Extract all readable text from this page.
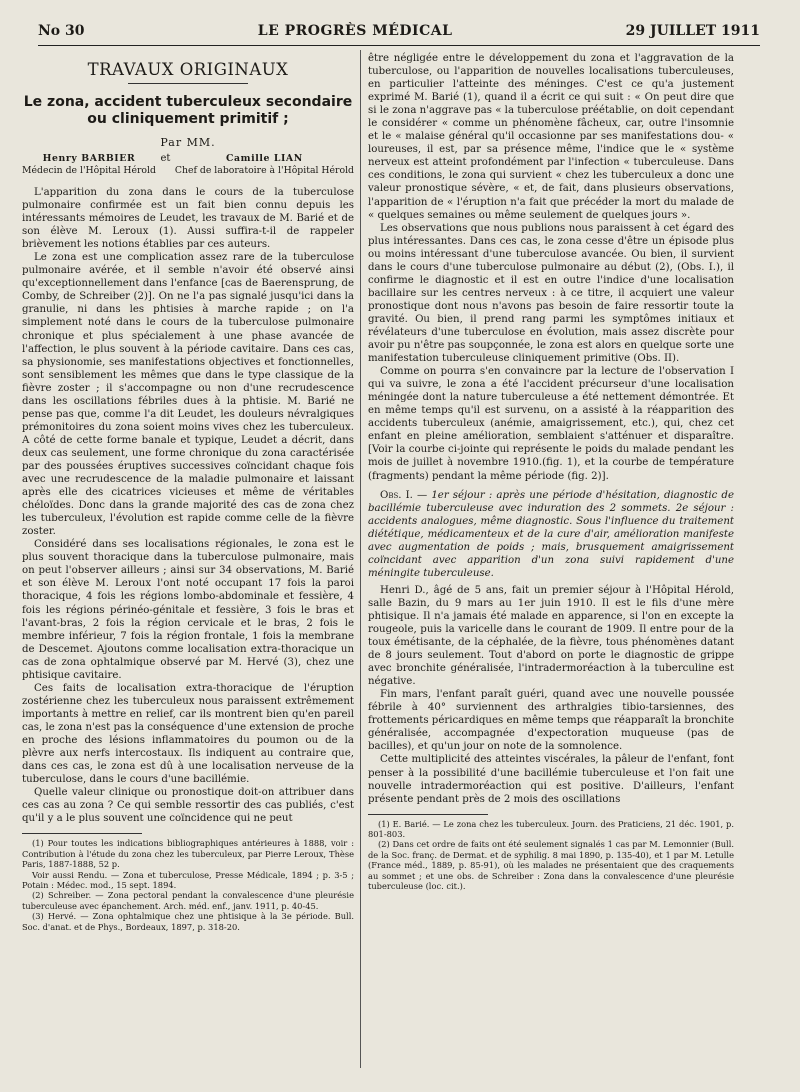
No 30	LE PROGRÈS MÉDICAL	29 JUILLET 1911
TRAVAUX ORIGINAUX
Le zona, accident tuberculeux secondaire
ou cliniquement primitif ;
Par MM.
Henry BARBIER
Médecin de l'Hôpital Hérold
et	Camille LIAN
Chef de laboratoire à l'Hôpital Hérold

L'apparition du zona dans le cours de la tuberculose pulmonaire confirmée est un fait bien connu depuis les intéressants mémoires de Leudet, les travaux de M. Barié et de son élève M. Leroux (1). Aussi suffira-t-il de rappeler brièvement les notions établies par ces auteurs.

Le zona est une complication assez rare de la tuberculose pulmonaire avérée, et il semble n'avoir été observé ainsi qu'exceptionnellement dans l'enfance [cas de Baerensprung, de Comby, de Schreiber (2)]. On ne l'a pas signalé jusqu'ici dans la granulie, ni dans les phtisies à marche rapide ; on l'a simplement noté dans le cours de la tuberculose pulmonaire chronique et plus spécialement à une phase avancée de l'affection, le plus souvent à la période cavitaire. Dans ces cas, sa physionomie, ses manifestations objectives et fonctionnelles, sont sensiblement les mêmes que dans le type classique de la fièvre zoster ; il s'accompagne ou non d'une recrudescence dans les oscillations fébriles dues à la phtisie. M. Barié ne pense pas que, comme l'a dit Leudet, les douleurs névralgiques prémonitoires du zona soient moins vives chez les tuberculeux. A côté de cette forme banale et typique, Leudet a décrit, dans deux cas seulement, une forme chronique du zona caractérisée par des poussées éruptives successives coïncidant chaque fois avec une recrudescence de la maladie pulmonaire et laissant après elle des cicatrices vicieuses et même de véritables chéloïdes. Donc dans la grande majorité des cas de zona chez les tuberculeux, l'évolution est rapide comme celle de la fièvre zoster.

Considéré dans ses localisations régionales, le zona est le plus souvent thoracique dans la tuberculose pulmonaire, mais on peut l'observer ailleurs ; ainsi sur 34 observations, M. Barié et son élève M. Leroux l'ont noté occupant 17 fois la paroi thoracique, 4 fois les régions lombo-abdominale et fessière, 4 fois les régions périnéo-génitale et fessière, 3 fois le bras et l'avant-bras, 2 fois la région cervicale et le bras, 2 fois le membre inférieur, 7 fois la région frontale, 1 fois la membrane de Descemet. Ajoutons comme localisation extra-thoracique un cas de zona ophtalmique observé par M. Hervé (3), chez une phtisique cavitaire.

Ces faits de localisation extra-thoracique de l'éruption zostérienne chez les tuberculeux nous paraissent extrêmement importants à mettre en relief, car ils montrent bien qu'en pareil cas, le zona n'est pas la conséquence d'une extension de proche en proche des lésions inflammatoires du poumon ou de la plèvre aux nerfs intercostaux. Ils indiquent au contraire que, dans ces cas, le zona est dû à une localisation nerveuse de la tuberculose, dans le cours d'une bacillémie.

Quelle valeur clinique ou pronostique doit-on attribuer dans ces cas au zona ? Ce qui semble ressortir des cas publiés, c'est qu'il y a le plus souvent une coïncidence qui ne peut

(1) Pour toutes les indications bibliographiques antérieures à 1888, voir : Contribution à l'étude du zona chez les tuberculeux, par Pierre Leroux, Thèse Paris, 1887-1888, 52 p.

Voir aussi Rendu. — Zona et tuberculose, Presse Médicale, 1894 ; p. 3-5 ; Potain : Médec. mod., 15 sept. 1894.

(2) Schreiber. — Zona pectoral pendant la convalescence d'une pleurésie tuberculeuse avec épanchement. Arch. méd. enf., janv. 1911, p. 40-45.

(3) Hervé. — Zona ophtalmique chez une phtisique à la 3e période. Bull. Soc. d'anat. et de Phys., Bordeaux, 1897, p. 318-20.

être négligée entre le développement du zona et l'aggravation de la tuberculose, ou l'apparition de nouvelles localisations tuberculeuses, en particulier l'atteinte des méninges. C'est ce qu'a justement exprimé M. Barié (1), quand il a écrit ce qui suit : « On peut dire que si le zona n'aggrave pas « la tuberculose préétablie, on doit cependant le considérer « comme un phénomène fâcheux, car, outre l'insomnie et le « malaise général qu'il occasionne par ses manifestations dou- « loureuses, il est, par sa présence même, l'indice que le « système nerveux est atteint profondément par l'infection « tuberculeuse. Dans ces conditions, le zona qui survient « chez les tuberculeux a donc une valeur pronostique sévère, « et, de fait, dans plusieurs observations, l'apparition de « l'éruption n'a fait que précéder la mort du malade de « quelques semaines ou même seulement de quelques jours ».

Les observations que nous publions nous paraissent à cet égard des plus intéressantes. Dans ces cas, le zona cesse d'être un épisode plus ou moins intéressant d'une tuberculose avancée. Ou bien, il survient dans le cours d'une tuberculose pulmonaire au début (2), (Obs. I.), il confirme le diagnostic et il est en outre l'indice d'une localisation bacillaire sur les centres nerveux : à ce titre, il acquiert une valeur pronostique dont nous n'avons pas besoin de faire ressortir toute la gravité. Ou bien, il prend rang parmi les symptômes initiaux et révélateurs d'une tuberculose en évolution, mais assez discrète pour avoir pu n'être pas soupçonnée, le zona est alors en quelque sorte une manifestation tuberculeuse cliniquement primitive (Obs. II).

Comme on pourra s'en convaincre par la lecture de l'observation I qui va suivre, le zona a été l'accident précurseur d'une localisation méningée dont la nature tuberculeuse a été nettement démontrée. Et en même temps qu'il est survenu, on a assisté à la réapparition des accidents tuberculeux (anémie, amaigrissement, etc.), qui, chez cet enfant en pleine amélioration, semblaient s'atténuer et disparaître. [Voir la courbe ci-jointe qui représente le poids du malade pendant les mois de juillet à novembre 1910.(fig. 1), et la courbe de température (fragments) pendant la même période (fig. 2)].

Obs. I. — 1er séjour : après une période d'hésitation, diagnostic de bacillémie tuberculeuse avec induration des 2 sommets. 2e séjour : accidents analogues, même diagnostic. Sous l'influence du traitement diététique, médicamenteux et de la cure d'air, amélioration manifeste avec augmentation de poids ; mais, brusquement amaigrissement coïncidant avec apparition d'un zona suivi rapidement d'une méningite tuberculeuse.

Henri D., âgé de 5 ans, fait un premier séjour à l'Hôpital Hérold, salle Bazin, du 9 mars au 1er juin 1910. Il est le fils d'une mère phtisique. Il n'a jamais été malade en apparence, si l'on en excepte la rougeole, puis la varicelle dans le courant de 1909. Il entre pour de la toux émétisante, de la céphalée, de la fièvre, tous phénomènes datant de 8 jours seulement. Tout d'abord on porte le diagnostic de grippe avec bronchite généralisée, l'intradermoréaction à la tuberculine est négative.

Fin mars, l'enfant paraît guéri, quand avec une nouvelle poussée fébrile à 40° surviennent des arthralgies tibio-tarsiennes, des frottements péricardiques en même temps que réapparaît la bronchite généralisée, accompagnée d'expectoration muqueuse (pas de bacilles), et qu'un jour on note de la somnolence.

Cette multiplicité des atteintes viscérales, la pâleur de l'enfant, font penser à la possibilité d'une bacillémie tuberculeuse et l'on fait une nouvelle intradermoréaction qui est positive. D'ailleurs, l'enfant présente pendant près de 2 mois des oscillations

(1) E. Barié. — Le zona chez les tuberculeux. Journ. des Praticiens, 21 déc. 1901, p. 801-803.

(2) Dans cet ordre de faits ont été seulement signalés 1 cas par M. Lemonnier (Bull. de la Soc. franç. de Dermat. et de syphilig. 8 mai 1890, p. 135-40), et 1 par M. Letulle (France méd., 1889, p. 85-91), où les malades ne présentaient que des craquements au sommet ; et une obs. de Schreiber : Zona dans la convalescence d'une pleurésie tuberculeuse (loc. cit.).
